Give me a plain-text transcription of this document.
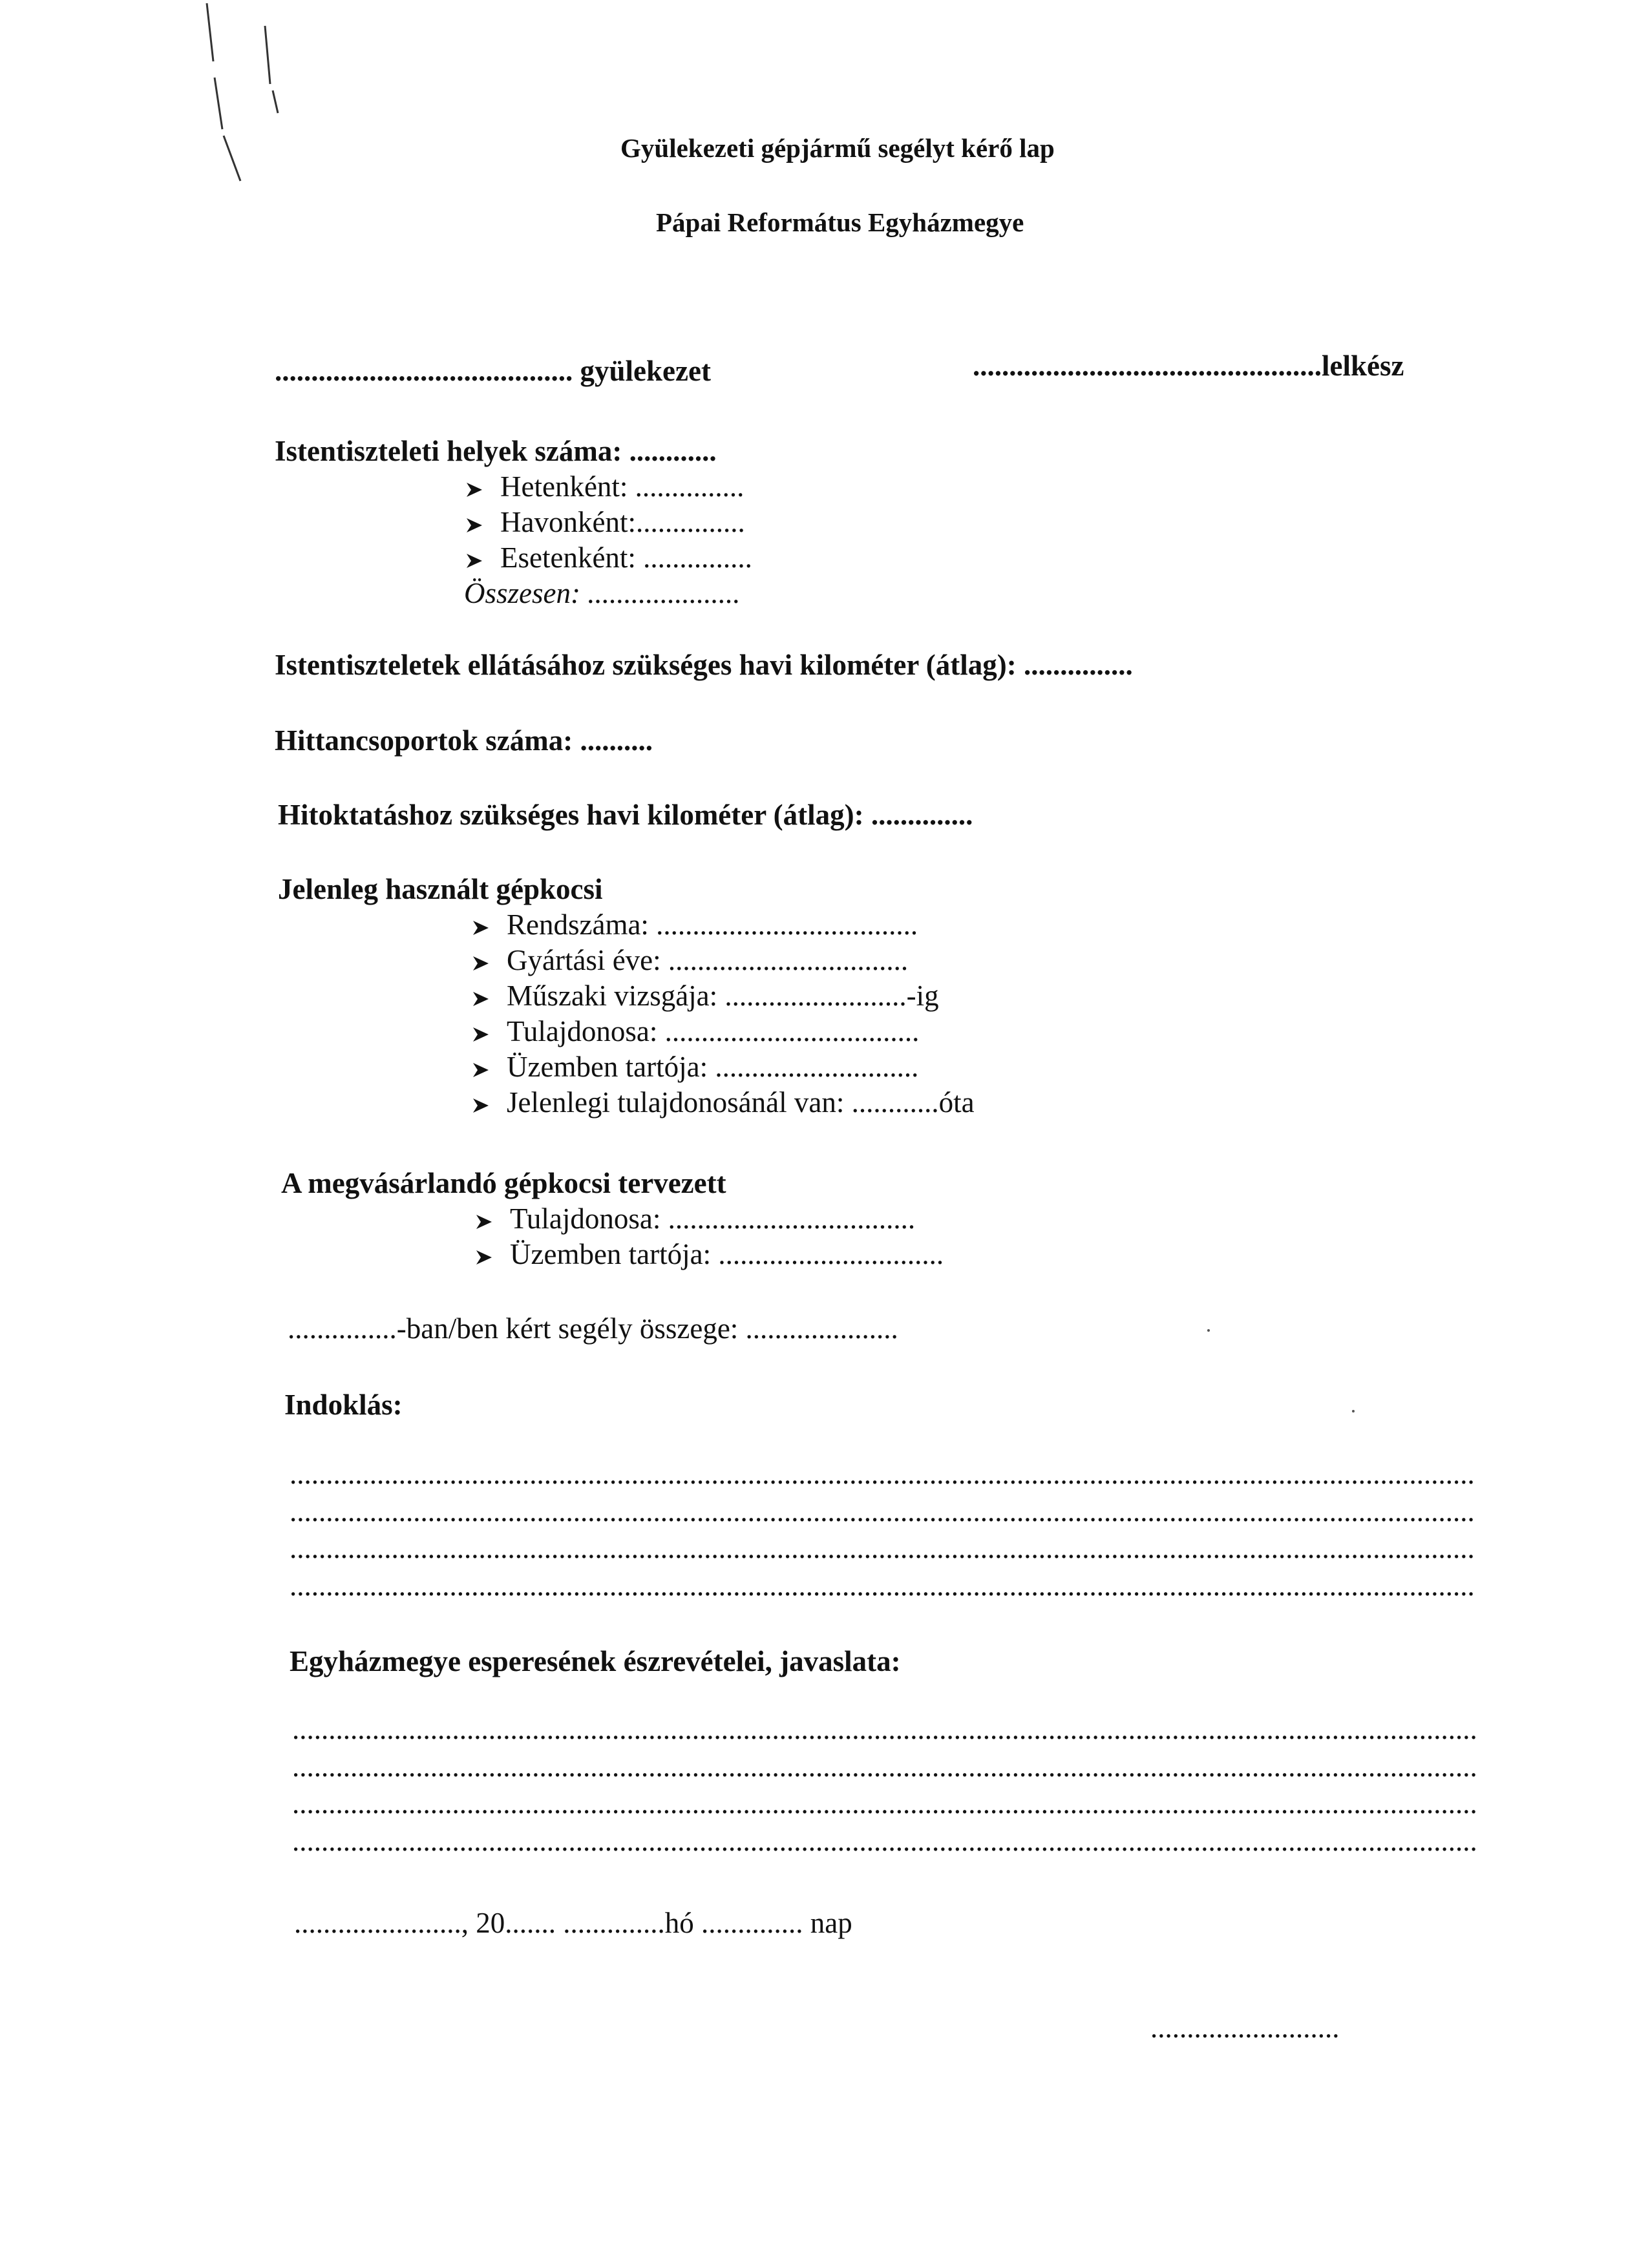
Gyülekezeti gépjármű segélyt kérő lap
Pápai Református Egyházmegye
......................................... gyülekezet	................................................lelkész
Istentiszteleti helyek száma: ............
Hetenként: ...............
Havonként:...............
Esetenként: ...............
Összesen: .....................
Istentiszteletek ellátásához szükséges havi kilométer (átlag): ...............
Hittancsoportok száma: ..........
Hitoktatáshoz szükséges havi kilométer (átlag): ..............
Jelenleg használt gépkocsi
Rendszáma: ....................................
Gyártási éve: .................................
Műszaki vizsgája: .........................-ig
Tulajdonosa: ...................................
Üzemben tartója: ............................
Jelenlegi tulajdonosánál van: ............óta
A megvásárlandó gépkocsi tervezett
Tulajdonosa: ..................................
Üzemben tartója: ...............................
...............-ban/ben kért segély összege: .....................
Indoklás:
...................................................................................................................................................................
...................................................................................................................................................................
...................................................................................................................................................................
...................................................................................................................................................................
Egyházmegye esperesének észrevételei, javaslata:
...................................................................................................................................................................
...................................................................................................................................................................
...................................................................................................................................................................
...................................................................................................................................................................
......................., 20....... ..............hó .............. nap
..........................
